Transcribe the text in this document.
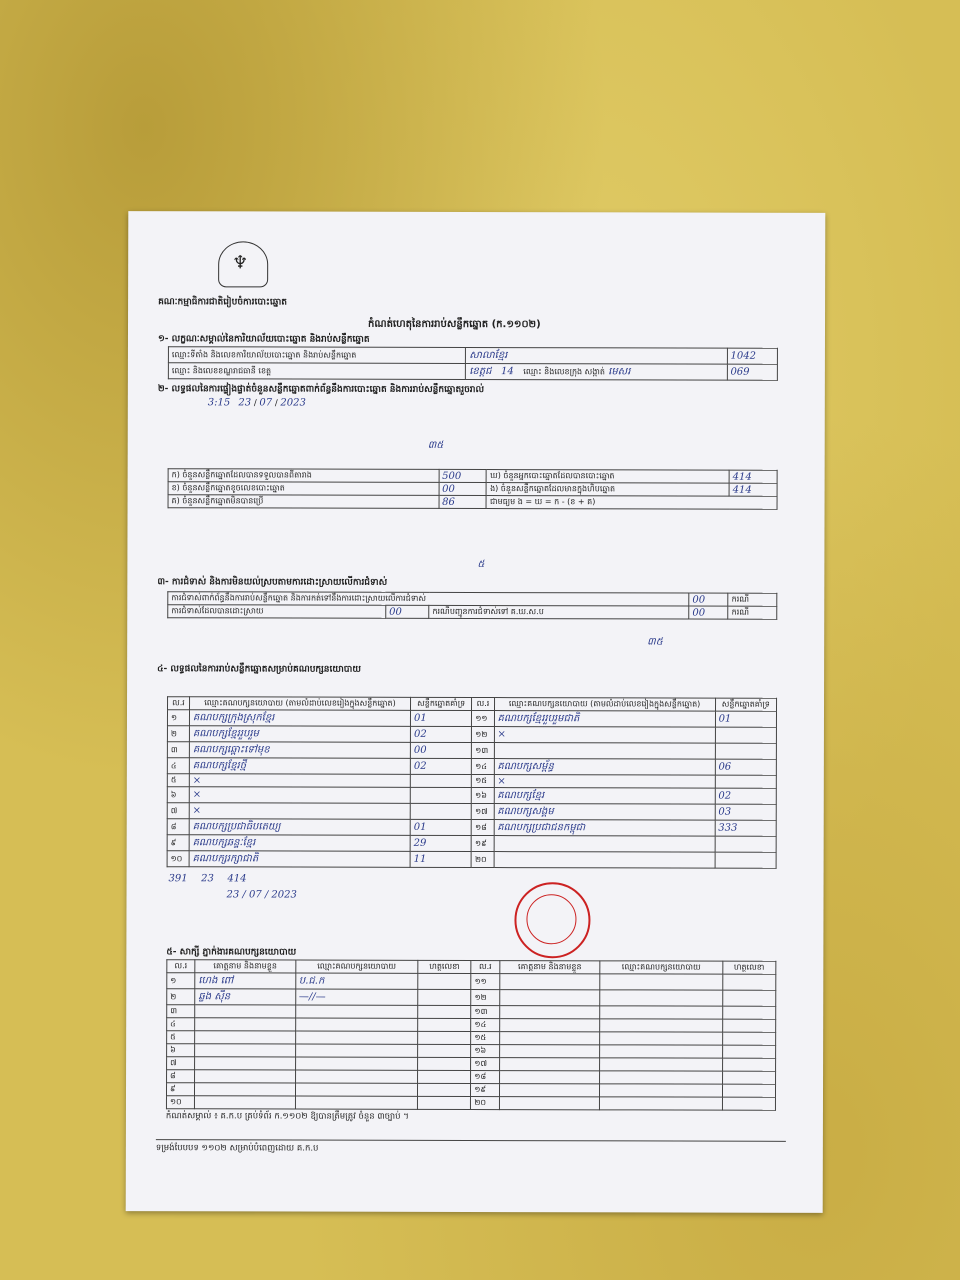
♆
គណៈកម្មាធិការជាតិរៀបចំការបោះឆ្នោត
កំណត់ហេតុនៃការរាប់សន្លឹកឆ្នោត (ក.១១០២)
១- លក្ខណៈសម្គាល់នៃការិយាល័យបោះឆ្នោត និងរាប់សន្លឹកឆ្នោត
ឈ្មោះទីតាំង និងលេខការិយាល័យបោះឆ្នោត និងរាប់សន្លឹកឆ្នោត	សាលាខ្មែរ	1042
ឈ្មោះ និងលេខខណ្ឌរាជធានី ខេត្ត	ខេត្តជ 14 ឈ្មោះ និងលេខក្រុង សង្កាត់ មេសរ	069
២- លទ្ធផលនៃការផ្ទៀងផ្ទាត់ចំនួនសន្លឹកឆ្នោតពាក់ព័ន្ធនឹងការបោះឆ្នោត និងការរាប់សន្លឹកឆ្នោតរួចរាល់
3:15 23 / 07 / 2023
៣៥
ក) ចំនួនសន្លឹកឆ្នោតដែលបានទទួលបានពីតារាង	500	ឃ) ចំនួនអ្នកបោះឆ្នោតដែលបានបោះឆ្នោត	414
ខ) ចំនួនសន្លឹកឆ្នោតខូចលេខបោះឆ្នោត	00	ង) ចំនួនសន្លឹកឆ្នោតដែលមានក្នុងហិបឆ្នោត	414
គ) ចំនួនសន្លឹកឆ្នោតមិនបានប្រើ	86	ជាមធ្យម ង = ឃ = ក - (ខ + គ)	
៥
៣- ការជំទាស់ និងការមិនយល់ស្របតាមការដោះស្រាយលើការជំទាស់
ការជំទាស់ពាក់ព័ន្ធនឹងការរាប់សន្លឹកឆ្នោត និងការកត់ទៅនឹងការដោះស្រាយលើការជំទាស់			00	ករណី
ការជំទាស់ដែលបានដោះស្រាយ	00	ករណីបញ្ជូនការជំទាស់ទៅ គ.ឃ.ស.ប	00	ករណី
៣៥
៤- លទ្ធផលនៃការរាប់សន្លឹកឆ្នោតសម្រាប់គណបក្សនយោបាយ
ល.រ	ឈ្មោះគណបក្សនយោបាយ (តាមលំដាប់លេខរៀងក្នុងសន្លឹកឆ្នោត)	សន្លឹកឆ្នោតគាំទ្រ	ល.រ	ឈ្មោះគណបក្សនយោបាយ (តាមលំដាប់លេខរៀងក្នុងសន្លឹកឆ្នោត)	សន្លឹកឆ្នោតគាំទ្រ
១	គណបក្សក្រុងស្រុកខ្មែរ	01	១១	គណបក្សខ្មែររួបរួមជាតិ	01
២	គណបក្សខ្មែររួបរួម	02	១២	×	
៣	គណបក្សឆ្ពោះទៅមុខ	00	១៣		
៤	គណបក្សខ្មែរថ្មី	02	១៤	គណបក្សសម្ព័ន្ធ	06
៥	×		១៥	×	
៦	×		១៦	គណបក្សខ្មែរ	02
៧	×		១៧	គណបក្សសង្គម	03
៨	គណបក្សប្រជាធិបតេយ្យ	01	១៨	គណបក្សប្រជាជនកម្ពុជា	333
៩	គណបក្សឆន្ទៈខ្មែរ	29	១៩		
១០	គណបក្សរក្សាជាតិ	11	២០		
391 23 414
23 / 07 / 2023
៥- សាក្សី ភ្នាក់ងារគណបក្សនយោបាយ
ល.រ	គោត្តនាម និងនាមខ្លួន	ឈ្មោះគណបក្សនយោបាយ	ហត្ថលេខា	ល.រ	គោត្តនាម និងនាមខ្លួន	ឈ្មោះគណបក្សនយោបាយ	ហត្ថលេខា
១	ហេង ពៅ	ប.ជ.ក		១១			
២	ឆ្លង ស៊ីន	—//—		១២			
៣				១៣			
៤				១៤			
៥				១៥			
៦				១៦			
៧				១៧			
៨				១៨			
៩				១៩			
១០				២០			
កំណត់សម្គាល់ ៖ គ.ក.ប គ្រប់ទំព័រ ក.១១០២ ឱ្យបានត្រឹមត្រូវ ចំនួន ៣ច្បាប់ ។
ទម្រង់បែបបទ ១១០២ សម្រាប់បំពេញដោយ គ.ក.ប
